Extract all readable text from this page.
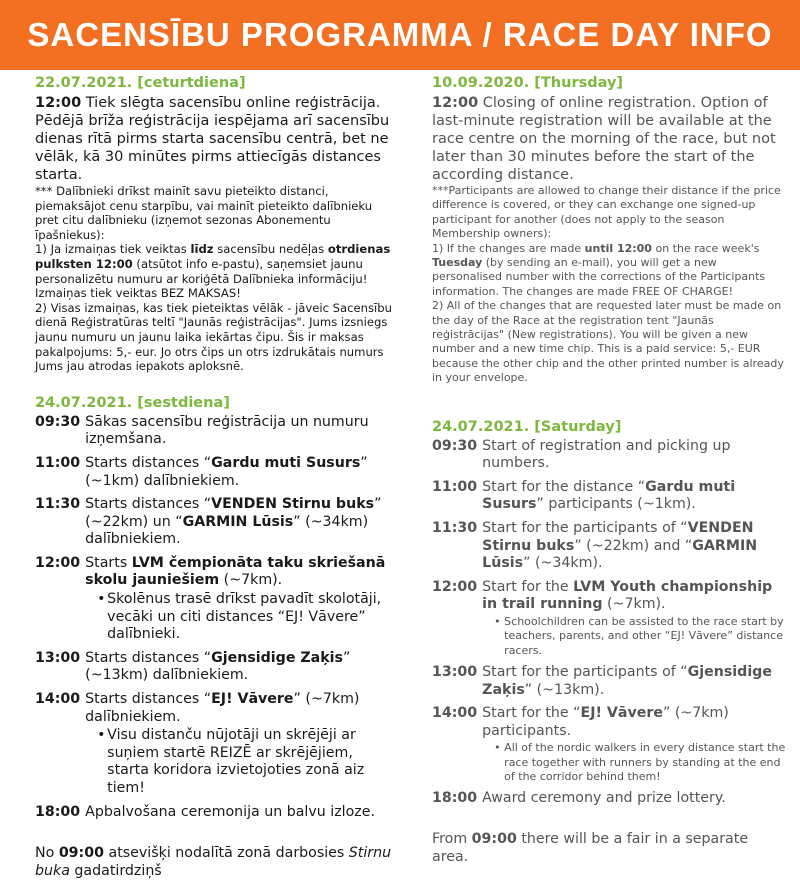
SACENSĪBU PROGRAMMA / RACE DAY INFO
22.07.2021. [ceturtdiena]
12:00 Tiek slēgta sacensību online reģistrācija. Pēdējā brīža reģistrācija iespējama arī sacensību dienas rītā pirms starta sacensību centrā, bet ne vēlāk, kā 30 minūtes pirms attiecīgās distances starta.
*** Dalībnieki drīkst mainīt savu pieteikto distanci, piemaksājot cenu starpību, vai mainīt pieteikto dalībnieku pret citu dalībnieku (izņemot sezonas Abonementu īpašniekus):
1) Ja izmaiņas tiek veiktas līdz sacensību nedēļas otrdienas pulksten 12:00 (atsūtot info e-pastu), saņemsiet jaunu personalizētu numuru ar koriģētā Dalībnieka informāciju! Izmaiņas tiek veiktas BEZ MAKSAS!
2) Visas izmaiņas, kas tiek pieteiktas vēlāk - jāveic Sacensību dienā Reģistratūras teltī "Jaunās reģistrācijas". Jums izsniegs jaunu numuru un jaunu laika iekārtas čipu. Šis ir maksas pakalpojums: 5,- eur. Jo otrs čips un otrs izdrukātais numurs Jums jau atrodas iepakots aploksnē.
24.07.2021. [sestdiena]
09:30 Sākas sacensību reģistrācija un numuru izņemšana.
11:00 Starts distances “Gardu muti Susurs” (~1km) dalībniekiem.
11:30 Starts distances “VENDEN Stirnu buks” (~22km) un “GARMIN Lūsis” (~34km) dalībniekiem.
12:00 Starts LVM čempionāta taku skriešanā skolu jauniešiem (~7km).
• Skolēnus trasē drīkst pavadīt skolotāji, vecāki un citi distances “EJ! Vāvere” dalībnieki.
13:00 Starts distances “Gjensidige Zaķis” (~13km) dalībniekiem.
14:00 Starts distances “EJ! Vāvere” (~7km) dalībniekiem.
• Visu distanču nūjotāji un skrējēji ar suņiem startē REIZĒ ar skrējējiem, starta koridora izvietojoties zonā aiz tiem!
18:00 Apbalvošana ceremonija un balvu izloze.
No 09:00 atsevišķi nodalītā zonā darbosies Stirnu buka gadatirdziņš
10.09.2020. [Thursday]
12:00 Closing of online registration. Option of last-minute registration will be available at the race centre on the morning of the race, but not later than 30 minutes before the start of the according distance.
***Participants are allowed to change their distance if the price difference is covered, or they can exchange one signed-up participant for another (does not apply to the season Membership owners):
1) If the changes are made until 12:00 on the race week's Tuesday (by sending an e-mail), you will get a new personalised number with the corrections of the Participants information. The changes are made FREE OF CHARGE!
2) All of the changes that are requested later must be made on the day of the Race at the registration tent "Jaunās reģistrācijas" (New registrations). You will be given a new number and a new time chip. This is a paid service: 5,- EUR because the other chip and the other printed number is already in your envelope.
24.07.2021. [Saturday]
09:30 Start of registration and picking up numbers.
11:00 Start for the distance “Gardu muti Susurs” participants (~1km).
11:30 Start for the participants of “VENDEN Stirnu buks” (~22km) and “GARMIN Lūsis” (~34km).
12:00 Start for the LVM Youth championship in trail running (~7km).
• Schoolchildren can be assisted to the race start by teachers, parents, and other “EJ! Vāvere” distance racers.
13:00 Start for the participants of “Gjensidige Zaķis” (~13km).
14:00 Start for the “EJ! Vāvere” (~7km) participants.
• All of the nordic walkers in every distance start the race together with runners by standing at the end of the corridor behind them!
18:00 Award ceremony and prize lottery.
From 09:00 there will be a fair in a separate area.
